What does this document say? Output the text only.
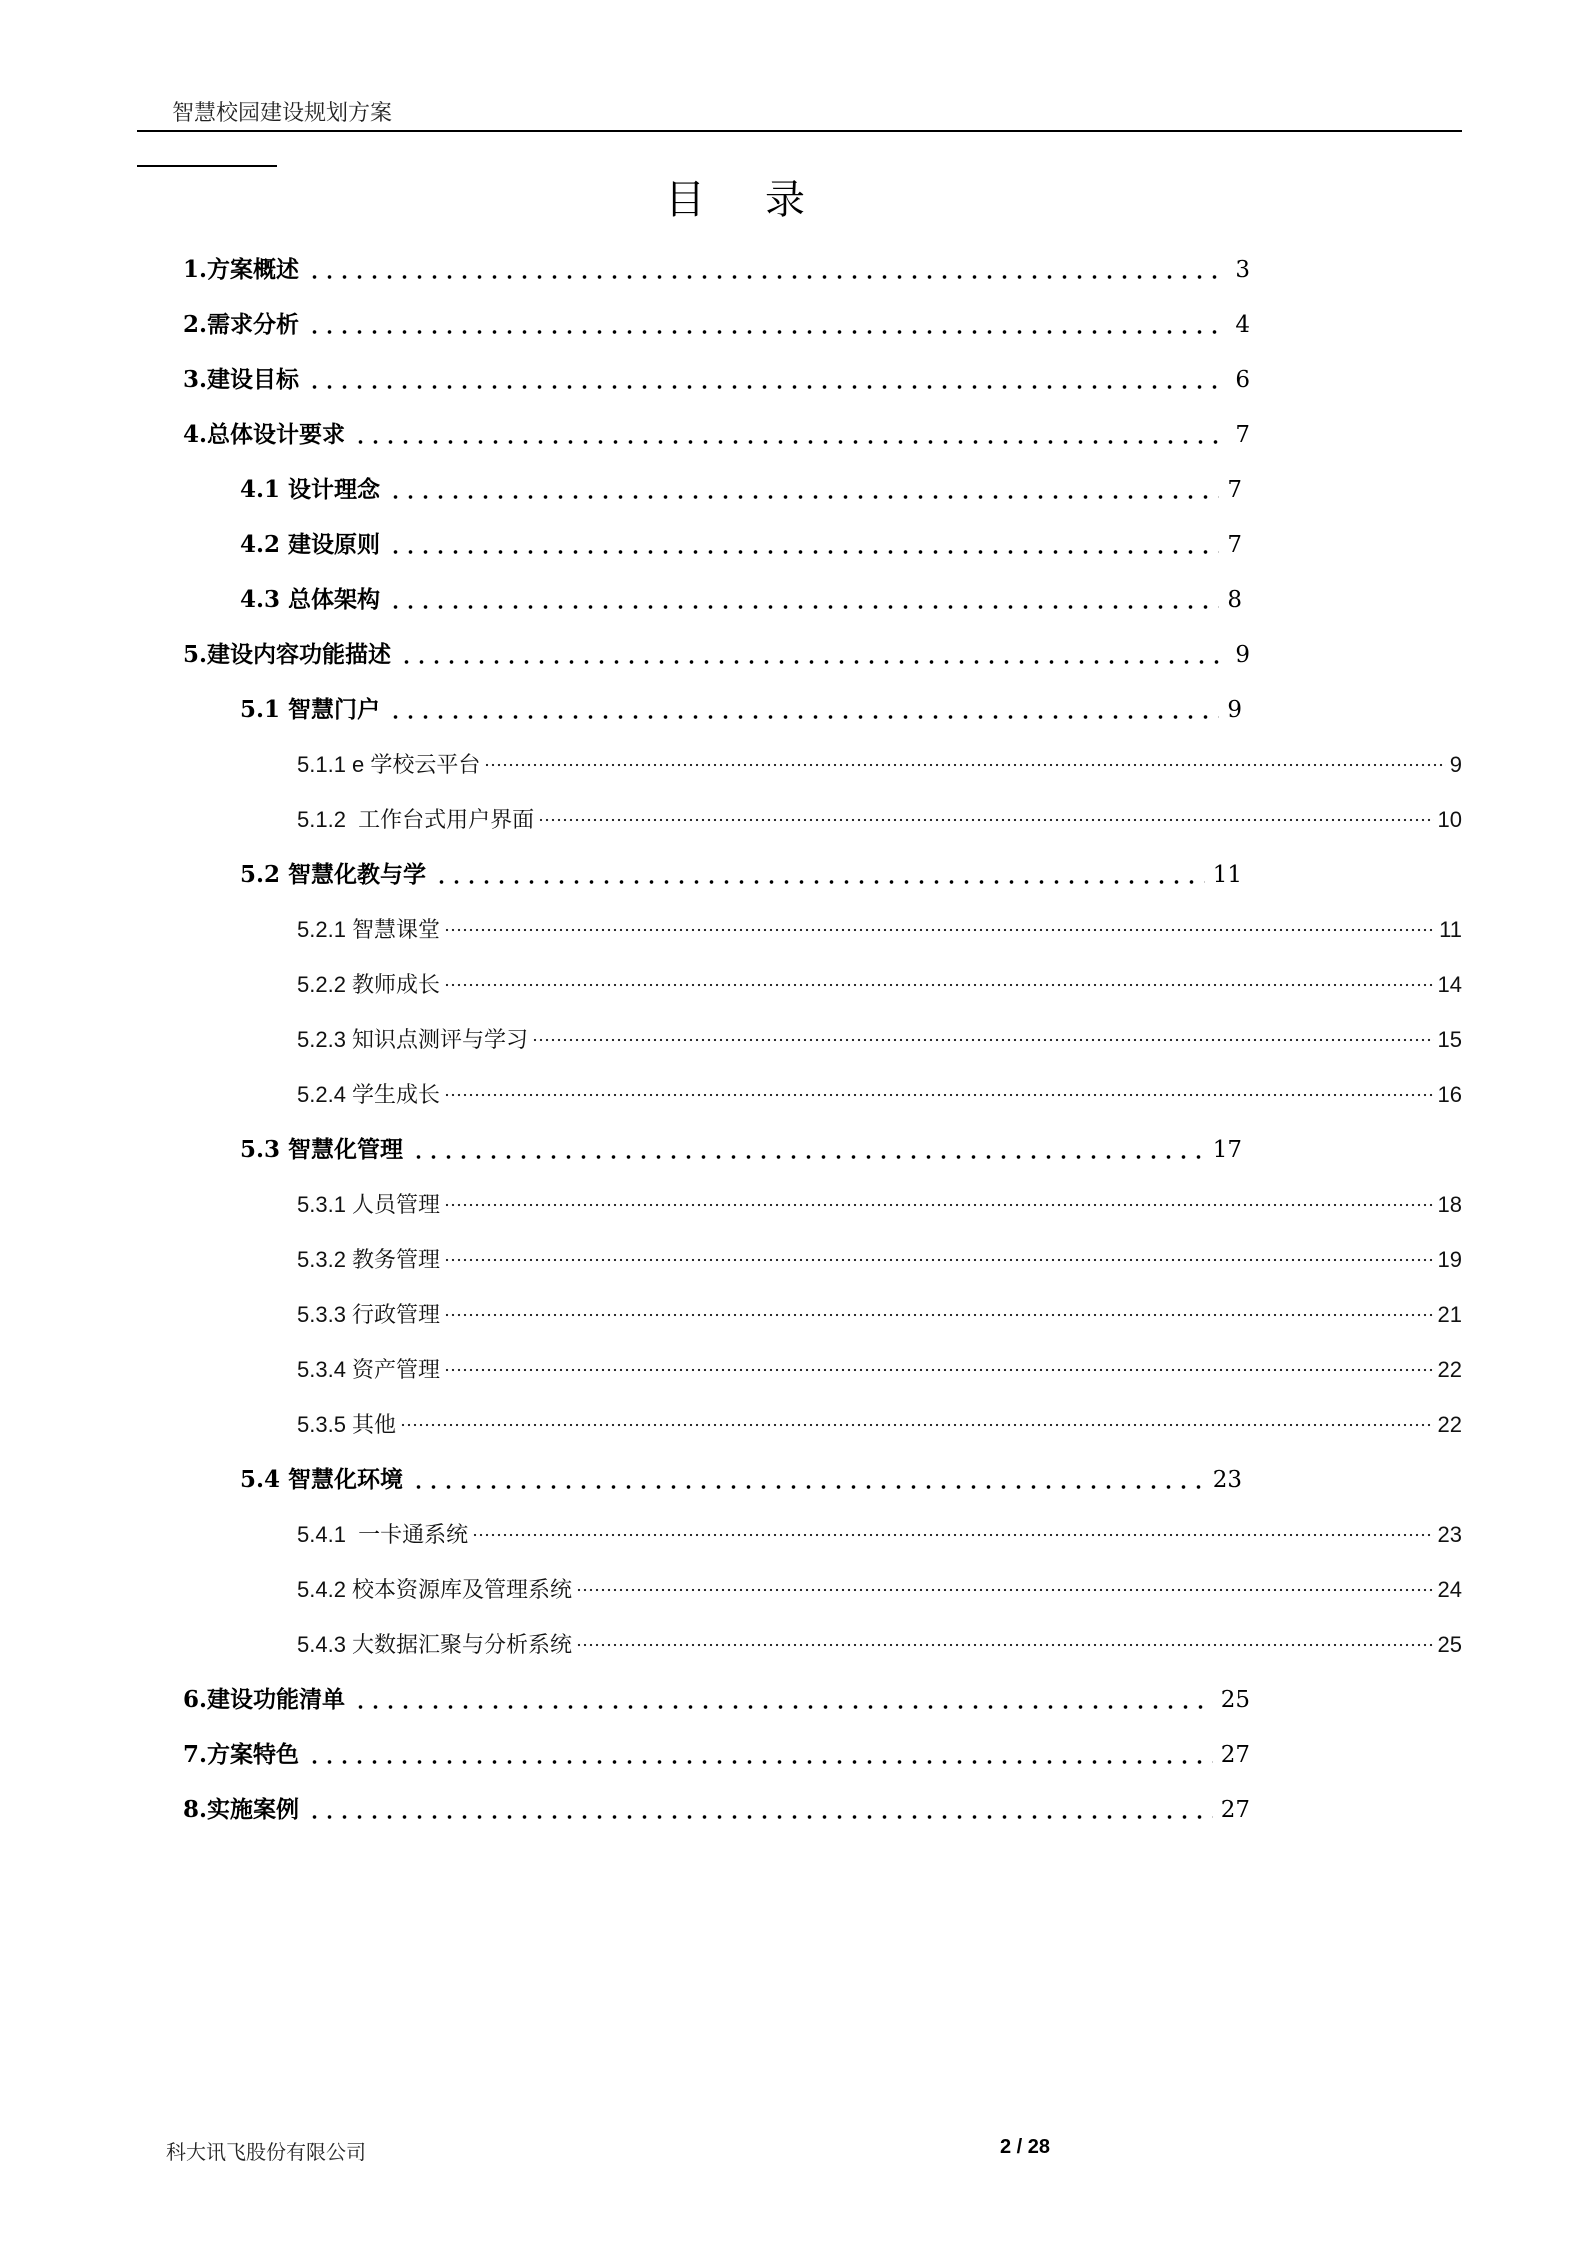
智慧校园建设规划方案
目录
1.方案概述	3
2.需求分析	4
3.建设目标	6
4.总体设计要求	7
4.1 设计理念	7
4.2 建设原则	7
4.3 总体架构	8
5.建设内容功能描述	9
5.1 智慧门户	9
5.1.1 e 学校云平台	9
5.1.2  工作台式用户界面	10
5.2 智慧化教与学	11
5.2.1 智慧课堂	11
5.2.2 教师成长	14
5.2.3 知识点测评与学习	15
5.2.4 学生成长	16
5.3 智慧化管理	17
5.3.1 人员管理	18
5.3.2 教务管理	19
5.3.3 行政管理	21
5.3.4 资产管理	22
5.3.5 其他	22
5.4 智慧化环境	23
5.4.1  一卡通系统	23
5.4.2 校本资源库及管理系统	24
5.4.3 大数据汇聚与分析系统	25
6.建设功能清单	25
7.方案特色	27
8.实施案例	27
科大讯飞股份有限公司	2 / 28
